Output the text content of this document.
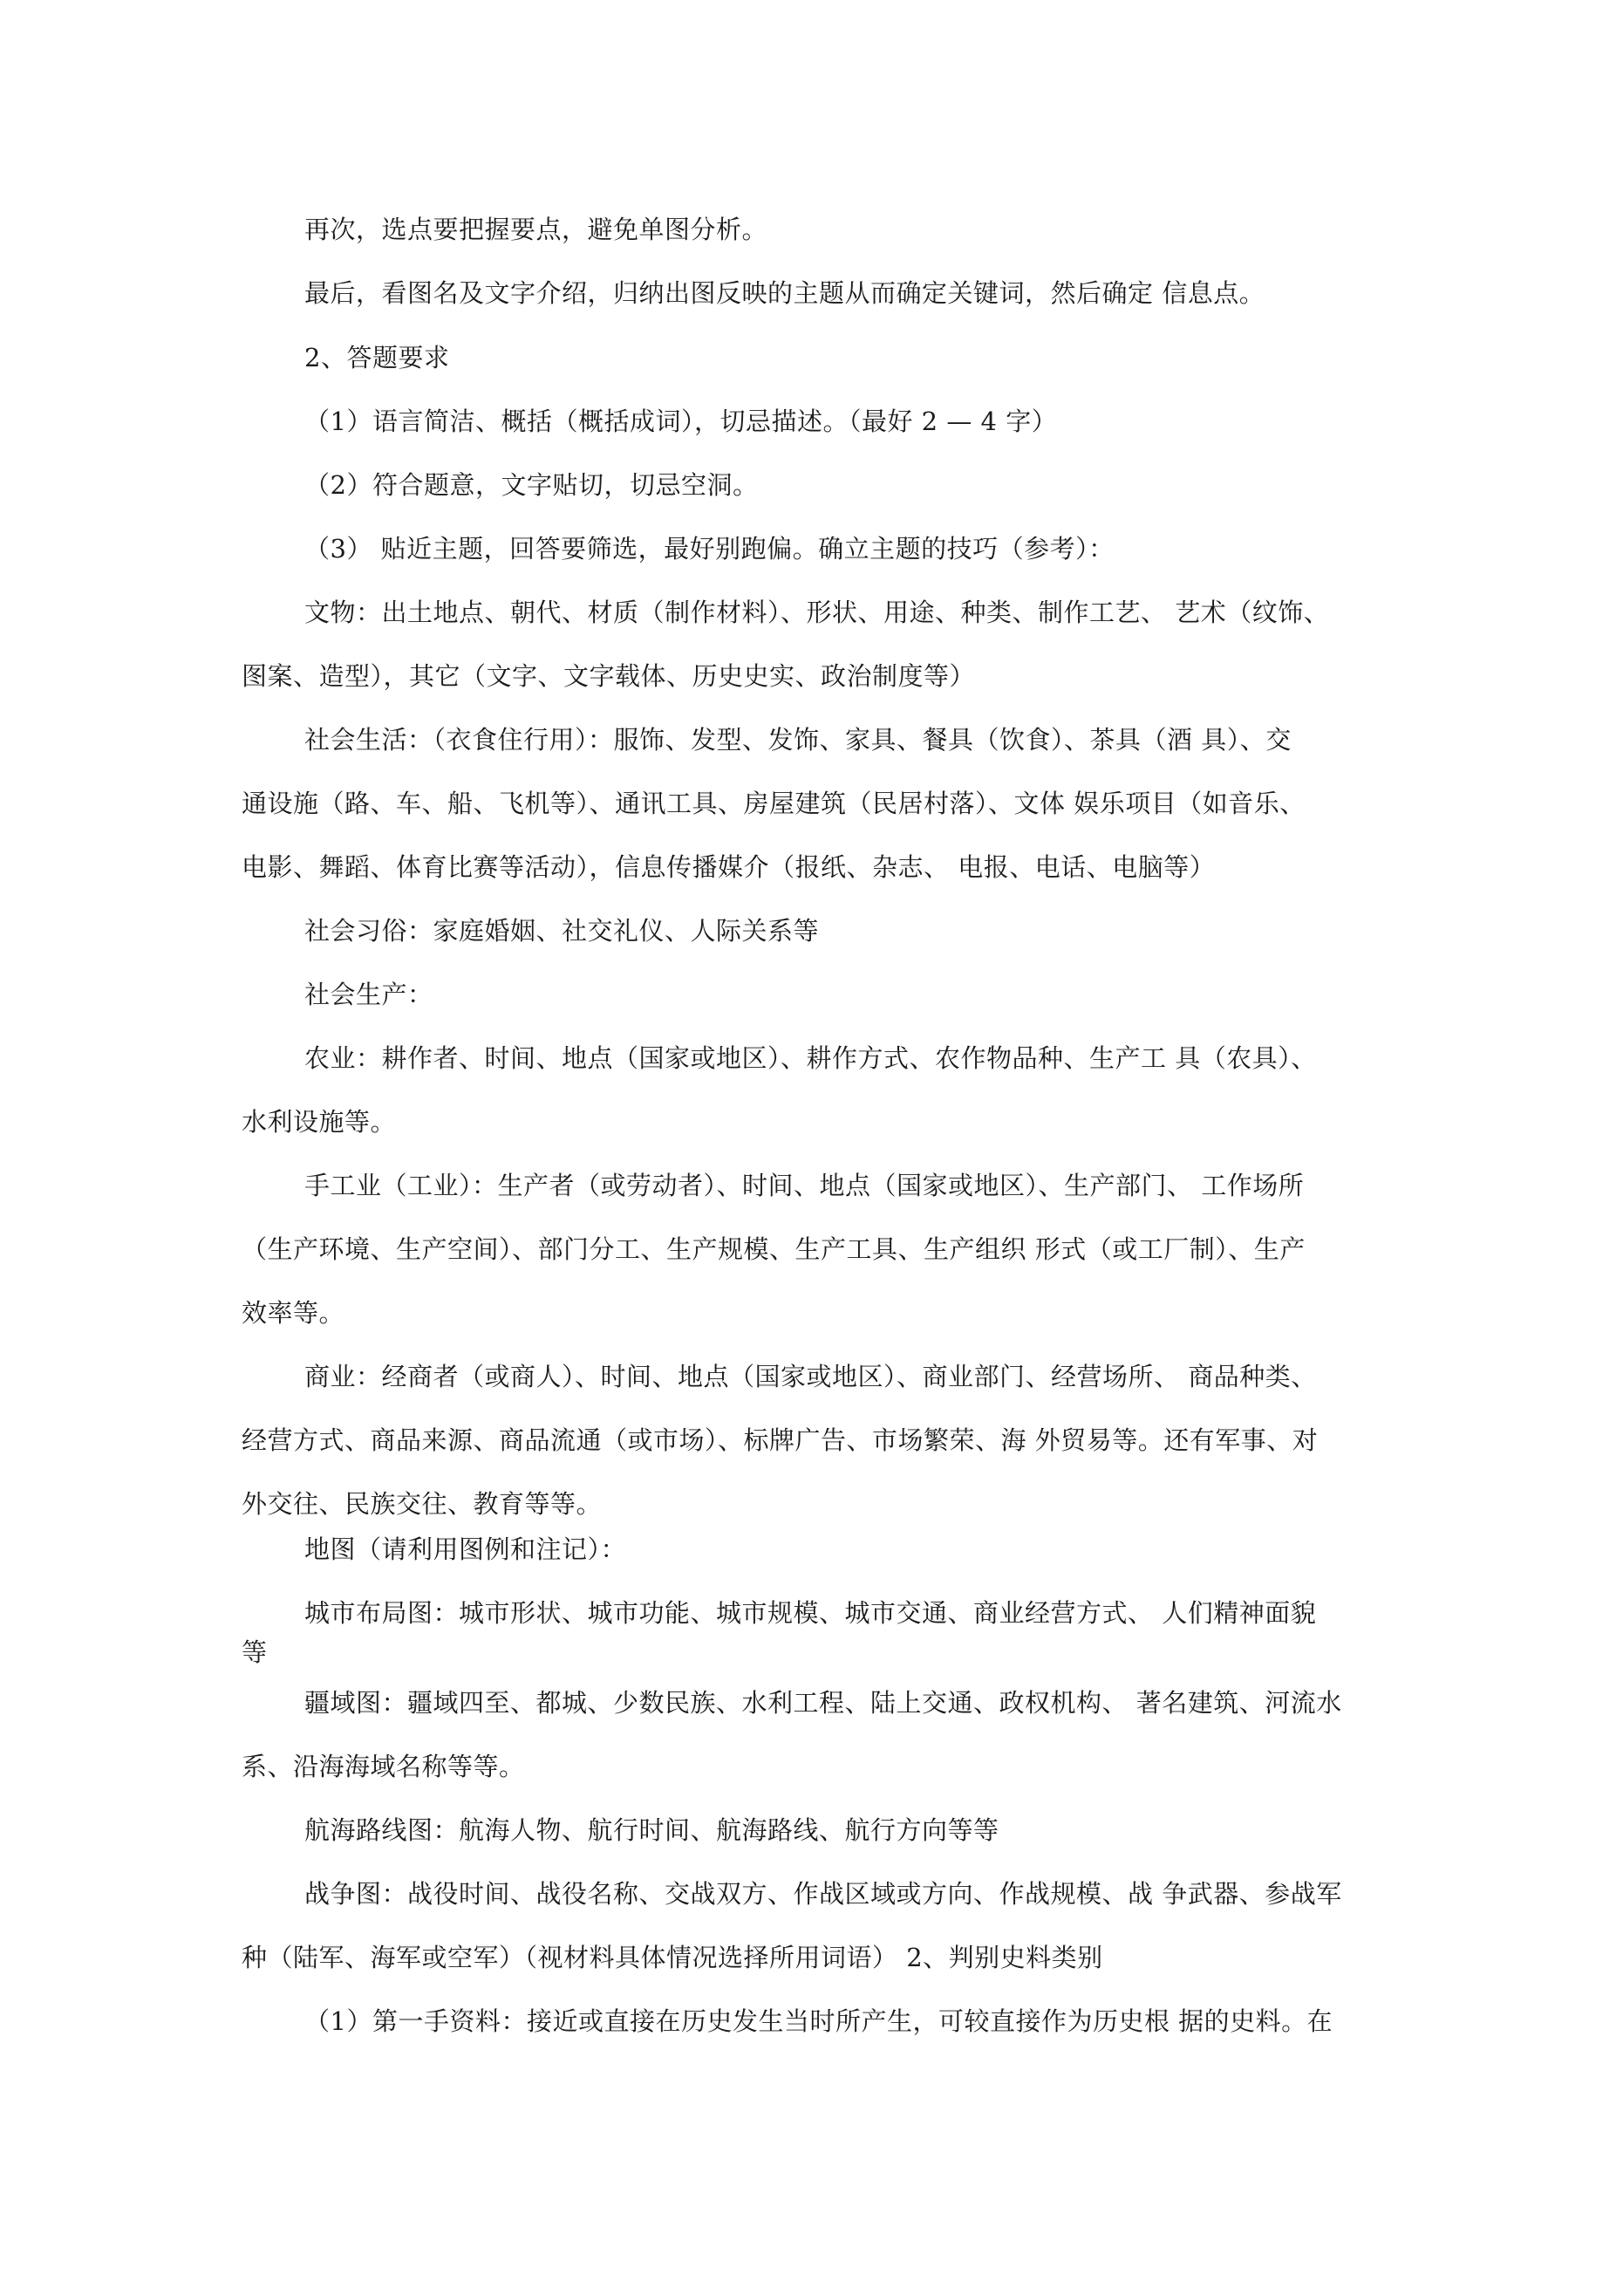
再次，选点要把握要点，避免单图分析。

最后，看图名及文字介绍，归纳出图反映的主题从而确定关键词，然后确定 信息点。

2、答题要求

（1）语言简洁、概括（概括成词），切忌描述。（最好 2 — 4 字）

（2）符合题意，文字贴切，切忌空洞。

（3） 贴近主题，回答要筛选，最好别跑偏。确立主题的技巧（参考）：

文物：出土地点、朝代、材质（制作材料）、形状、用途、种类、制作工艺、 艺术（纹饰、

图案、造型），其它（文字、文字载体、历史史实、政治制度等）

社会生活：（衣食住行用）：服饰、发型、发饰、家具、餐具（饮食）、茶具（酒 具）、交

通设施（路、车、船、飞机等）、通讯工具、房屋建筑（民居村落）、文体 娱乐项目（如音乐、

电影、舞蹈、体育比赛等活动），信息传播媒介（报纸、杂志、 电报、电话、电脑等）

社会习俗：家庭婚姻、社交礼仪、人际关系等

社会生产：

农业：耕作者、时间、地点（国家或地区）、耕作方式、农作物品种、生产工 具（农具）、

水利设施等。

手工业（工业）：生产者（或劳动者）、时间、地点（国家或地区）、生产部门、 工作场所

（生产环境、生产空间）、部门分工、生产规模、生产工具、生产组织 形式（或工厂制）、生产

效率等。

商业：经商者（或商人）、时间、地点（国家或地区）、商业部门、经营场所、 商品种类、

经营方式、商品来源、商品流通（或市场）、标牌广告、市场繁荣、海 外贸易等。还有军事、对

外交往、民族交往、教育等等。

地图（请利用图例和注记）：

城市布局图：城市形状、城市功能、城市规模、城市交通、商业经营方式、 人们精神面貌

等

疆域图：疆域四至、都城、少数民族、水利工程、陆上交通、政权机构、 著名建筑、河流水

系、沿海海域名称等等。

航海路线图：航海人物、航行时间、航海路线、航行方向等等

战争图：战役时间、战役名称、交战双方、作战区域或方向、作战规模、战 争武器、参战军

种（陆军、海军或空军）（视材料具体情况选择所用词语） 2、判别史料类别

（1）第一手资料：接近或直接在历史发生当时所产生，可较直接作为历史根 据的史料。在
